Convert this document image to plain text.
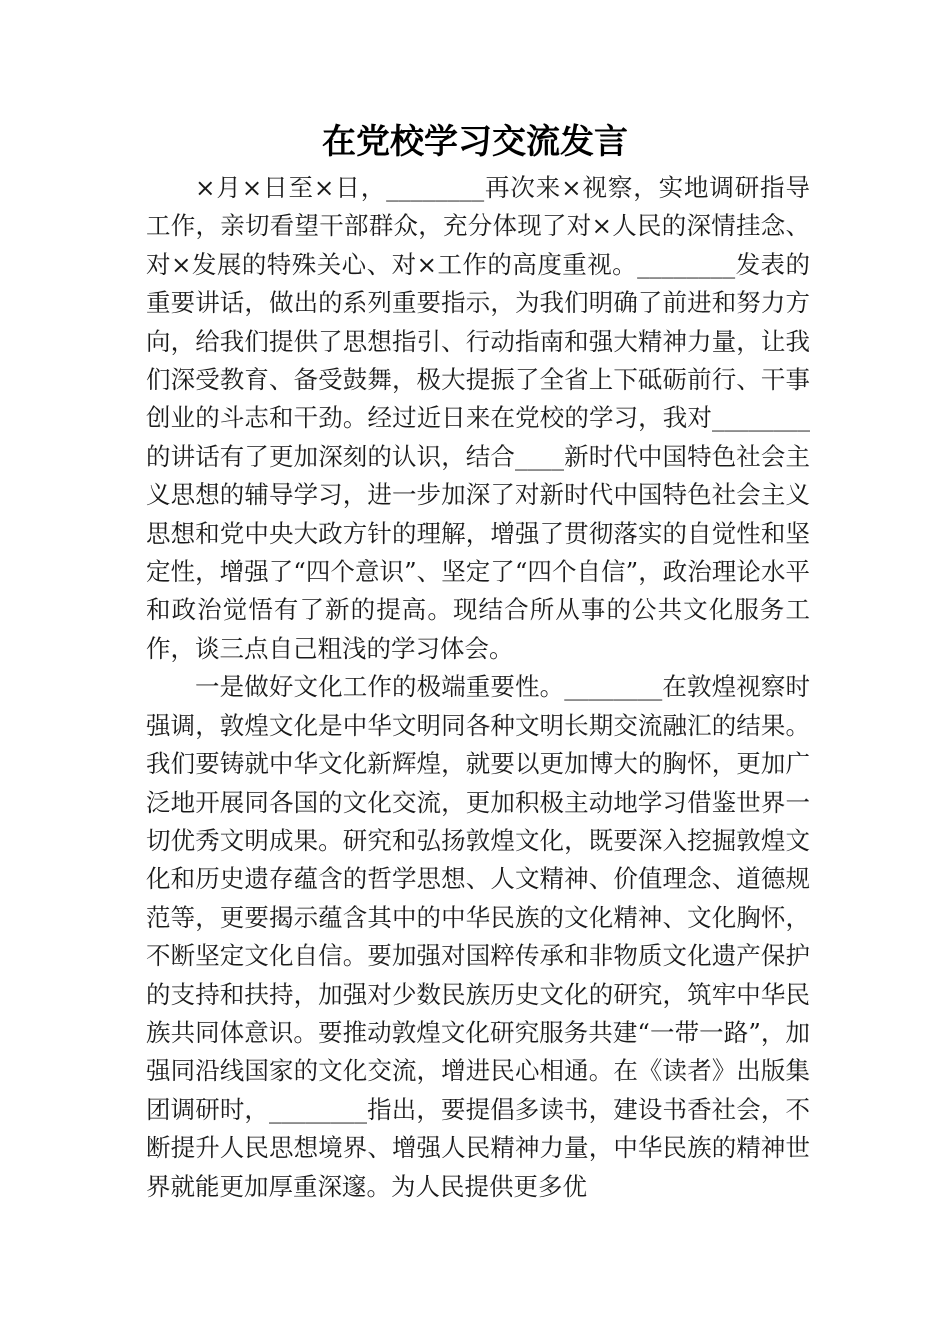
在党校学习交流发言

×月×日至×日，________再次来×视察，实地调研指导工作，亲切看望干部群众，充分体现了对×人民的深情挂念、对×发展的特殊关心、对×工作的高度重视。________发表的重要讲话，做出的系列重要指示，为我们明确了前进和努力方向，给我们提供了思想指引、行动指南和强大精神力量，让我们深受教育、备受鼓舞，极大提振了全省上下砥砺前行、干事创业的斗志和干劲。经过近日来在党校的学习，我对________的讲话有了更加深刻的认识，结合____新时代中国特色社会主义思想的辅导学习，进一步加深了对新时代中国特色社会主义思想和党中央大政方针的理解，增强了贯彻落实的自觉性和坚定性，增强了“四个意识”、坚定了“四个自信”，政治理论水平和政治觉悟有了新的提高。现结合所从事的公共文化服务工作，谈三点自己粗浅的学习体会。

一是做好文化工作的极端重要性。________在敦煌视察时强调，敦煌文化是中华文明同各种文明长期交流融汇的结果。我们要铸就中华文化新辉煌，就要以更加博大的胸怀，更加广泛地开展同各国的文化交流，更加积极主动地学习借鉴世界一切优秀文明成果。研究和弘扬敦煌文化，既要深入挖掘敦煌文化和历史遗存蕴含的哲学思想、人文精神、价值理念、道德规范等，更要揭示蕴含其中的中华民族的文化精神、文化胸怀，不断坚定文化自信。要加强对国粹传承和非物质文化遗产保护的支持和扶持，加强对少数民族历史文化的研究，筑牢中华民族共同体意识。要推动敦煌文化研究服务共建“一带一路”，加强同沿线国家的文化交流，增进民心相通。在《读者》出版集团调研时，________指出，要提倡多读书，建设书香社会，不断提升人民思想境界、增强人民精神力量，中华民族的精神世界就能更加厚重深邃。为人民提供更多优
